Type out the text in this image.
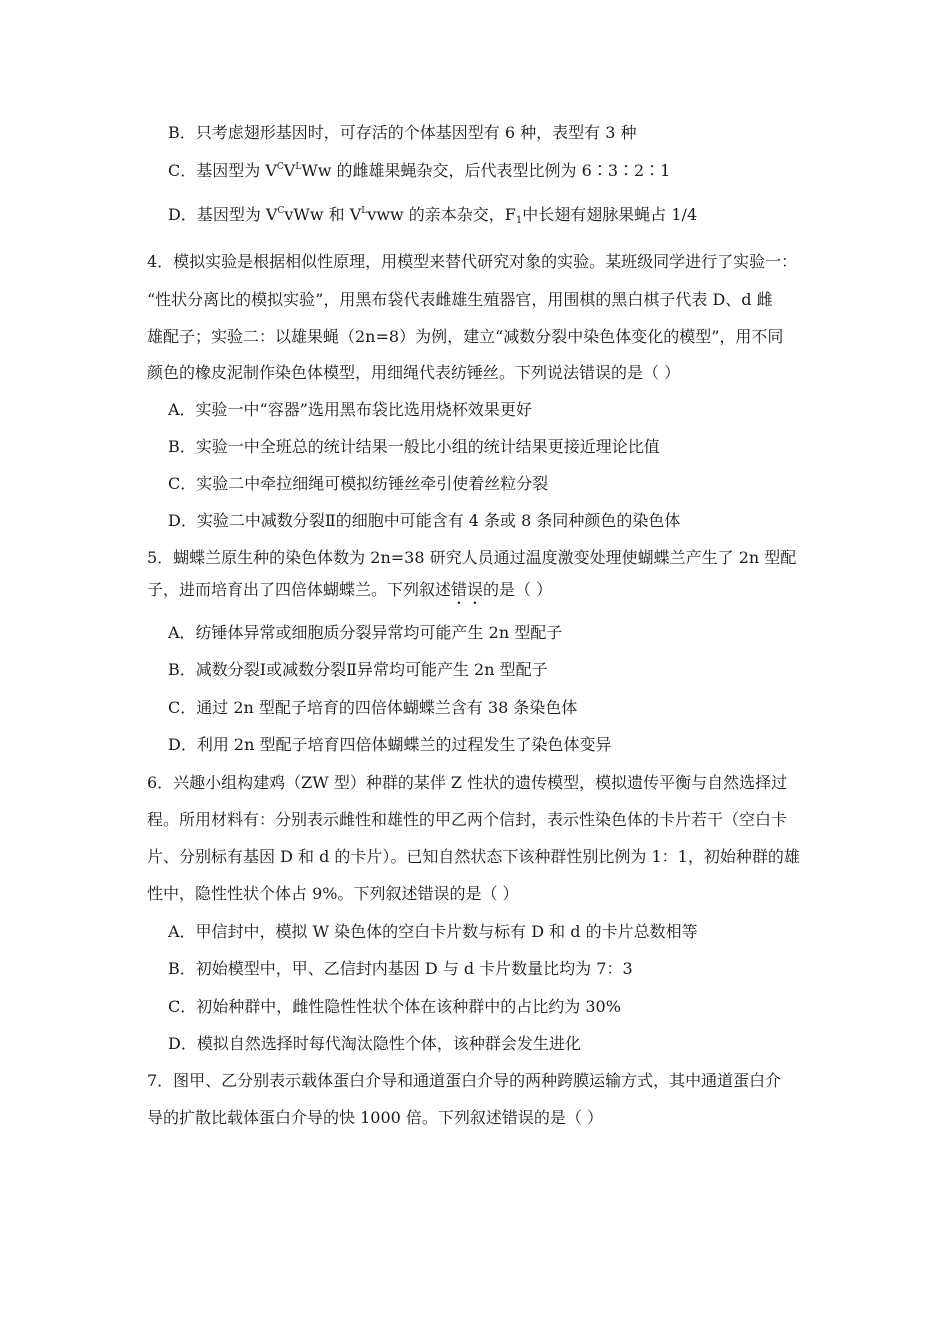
B．只考虑翅形基因时，可存活的个体基因型有 6 种，表型有 3 种
C．基因型为 $V^CV^LWw$ 的雌雄果蝇杂交，后代表型比例为 6∶3∶2∶1
D．基因型为 $V^CvWw$ 和 $V^Lvww$ 的亲本杂交，$F_1$中长翅有翅脉果蝇占 1/4
4．模拟实验是根据相似性原理，用模型来替代研究对象的实验。某班级同学进行了实验一：
“性状分离比的模拟实验”，用黑布袋代表雌雄生殖器官，用围棋的黑白棋子代表 D、d 雌
雄配子；实验二：以雄果蝇（2n=8）为例，建立“减数分裂中染色体变化的模型”，用不同
颜色的橡皮泥制作染色体模型，用细绳代表纺锤丝。下列说法错误的是（ ）
A．实验一中“容器”选用黑布袋比选用烧杯效果更好
B．实验一中全班总的统计结果一般比小组的统计结果更接近理论比值
C．实验二中牵拉细绳可模拟纺锤丝牵引使着丝粒分裂
D．实验二中减数分裂Ⅱ的细胞中可能含有 4 条或 8 条同种颜色的染色体
5．蝴蝶兰原生种的染色体数为 2n=38 研究人员通过温度激变处理使蝴蝶兰产生了 2n 型配
子，进而培育出了四倍体蝴蝶兰。下列叙述错误的是（ ）
A．纺锤体异常或细胞质分裂异常均可能产生 2n 型配子
B．减数分裂Ⅰ或减数分裂Ⅱ异常均可能产生 2n 型配子
C．通过 2n 型配子培育的四倍体蝴蝶兰含有 38 条染色体
D．利用 2n 型配子培育四倍体蝴蝶兰的过程发生了染色体变异
6．兴趣小组构建鸡（ZW 型）种群的某伴 Z 性状的遗传模型，模拟遗传平衡与自然选择过
程。所用材料有：分别表示雌性和雄性的甲乙两个信封，表示性染色体的卡片若干（空白卡
片、分别标有基因 D 和 d 的卡片）。已知自然状态下该种群性别比例为 1：1，初始种群的雄
性中，隐性性状个体占 9%。下列叙述错误的是（ ）
A．甲信封中，模拟 W 染色体的空白卡片数与标有 D 和 d 的卡片总数相等
B．初始模型中，甲、乙信封内基因 D 与 d 卡片数量比均为 7：3
C．初始种群中，雌性隐性性状个体在该种群中的占比约为 30%
D．模拟自然选择时每代淘汰隐性个体，该种群会发生进化
7．图甲、乙分别表示载体蛋白介导和通道蛋白介导的两种跨膜运输方式，其中通道蛋白介
导的扩散比载体蛋白介导的快 1000 倍。下列叙述错误的是（ ）
